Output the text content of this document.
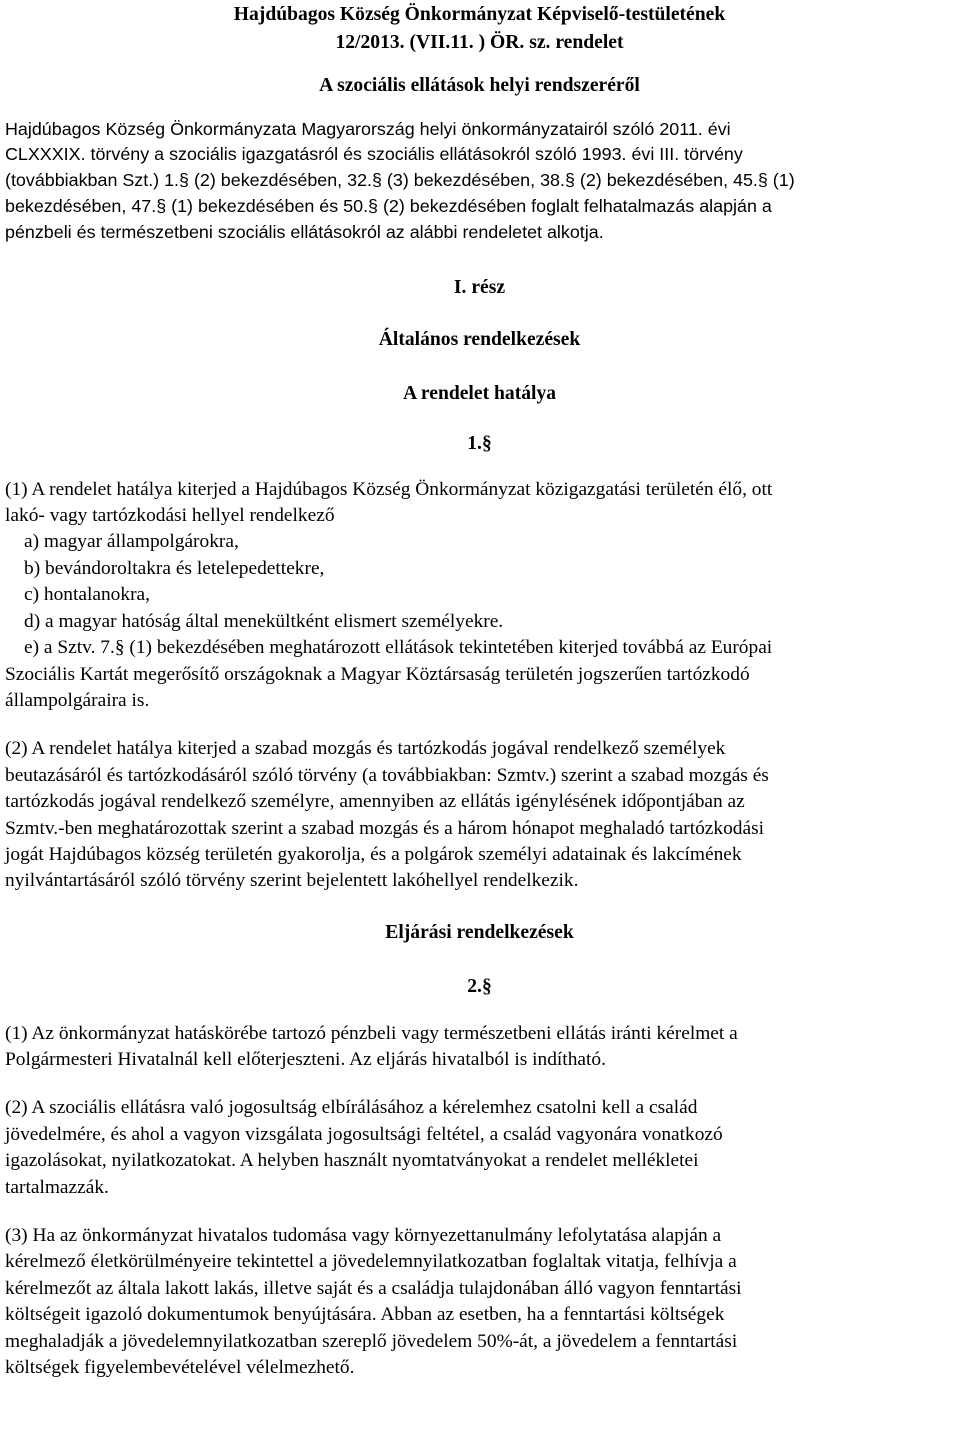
Hajdúbagos Község Önkormányzat Képviselő-testületének

12/2013. (VII.11. ) ÖR. sz. rendelet

A szociális ellátások helyi rendszeréről

Hajdúbagos Község Önkormányzata Magyarország helyi önkormányzatairól szóló 2011. évi

CLXXXIX. törvény a szociális igazgatásról és szociális ellátásokról szóló 1993. évi III. törvény

(továbbiakban Szt.) 1.§ (2) bekezdésében, 32.§ (3) bekezdésében, 38.§ (2) bekezdésében, 45.§ (1)

bekezdésében, 47.§ (1) bekezdésében és 50.§ (2) bekezdésében foglalt felhatalmazás alapján a

pénzbeli és természetbeni szociális ellátásokról az alábbi rendeletet alkotja.

I. rész

Általános rendelkezések

A rendelet hatálya

1.§

(1) A rendelet hatálya kiterjed a Hajdúbagos Község Önkormányzat közigazgatási területén élő, ott

lakó- vagy tartózkodási hellyel rendelkező

a) magyar állampolgárokra,

b) bevándoroltakra és letelepedettekre,

c) hontalanokra,

d) a magyar hatóság által menekültként elismert személyekre.

e) a Sztv. 7.§ (1) bekezdésében meghatározott ellátások tekintetében kiterjed továbbá az Európai

Szociális Kartát megerősítő országoknak a Magyar Köztársaság területén jogszerűen tartózkodó

állampolgáraira is.

(2) A rendelet hatálya kiterjed a szabad mozgás és tartózkodás jogával rendelkező személyek

beutazásáról és tartózkodásáról szóló törvény (a továbbiakban: Szmtv.) szerint a szabad mozgás és

tartózkodás jogával rendelkező személyre, amennyiben az ellátás igénylésének időpontjában az

Szmtv.-ben meghatározottak szerint a szabad mozgás és a három hónapot meghaladó tartózkodási

jogát Hajdúbagos község területén gyakorolja, és a polgárok személyi adatainak és lakcímének

nyilvántartásáról szóló törvény szerint bejelentett lakóhellyel rendelkezik.

Eljárási rendelkezések

2.§

(1) Az önkormányzat hatáskörébe tartozó pénzbeli vagy természetbeni ellátás iránti kérelmet a

Polgármesteri Hivatalnál kell előterjeszteni. Az eljárás hivatalból is indítható.

(2) A szociális ellátásra való jogosultság elbírálásához a kérelemhez csatolni kell a család

jövedelmére, és ahol a vagyon vizsgálata jogosultsági feltétel, a család vagyonára vonatkozó

igazolásokat, nyilatkozatokat. A helyben használt nyomtatványokat a rendelet mellékletei

tartalmazzák.

(3) Ha az önkormányzat hivatalos tudomása vagy környezettanulmány lefolytatása alapján a

kérelmező életkörülményeire tekintettel a jövedelemnyilatkozatban foglaltak vitatja, felhívja a

kérelmezőt az általa lakott lakás, illetve saját és a családja tulajdonában álló vagyon fenntartási

költségeit igazoló dokumentumok benyújtására. Abban az esetben, ha a fenntartási költségek

meghaladják a jövedelemnyilatkozatban szereplő jövedelem 50%-át, a jövedelem a fenntartási

költségek figyelembevételével vélelmezhető.
